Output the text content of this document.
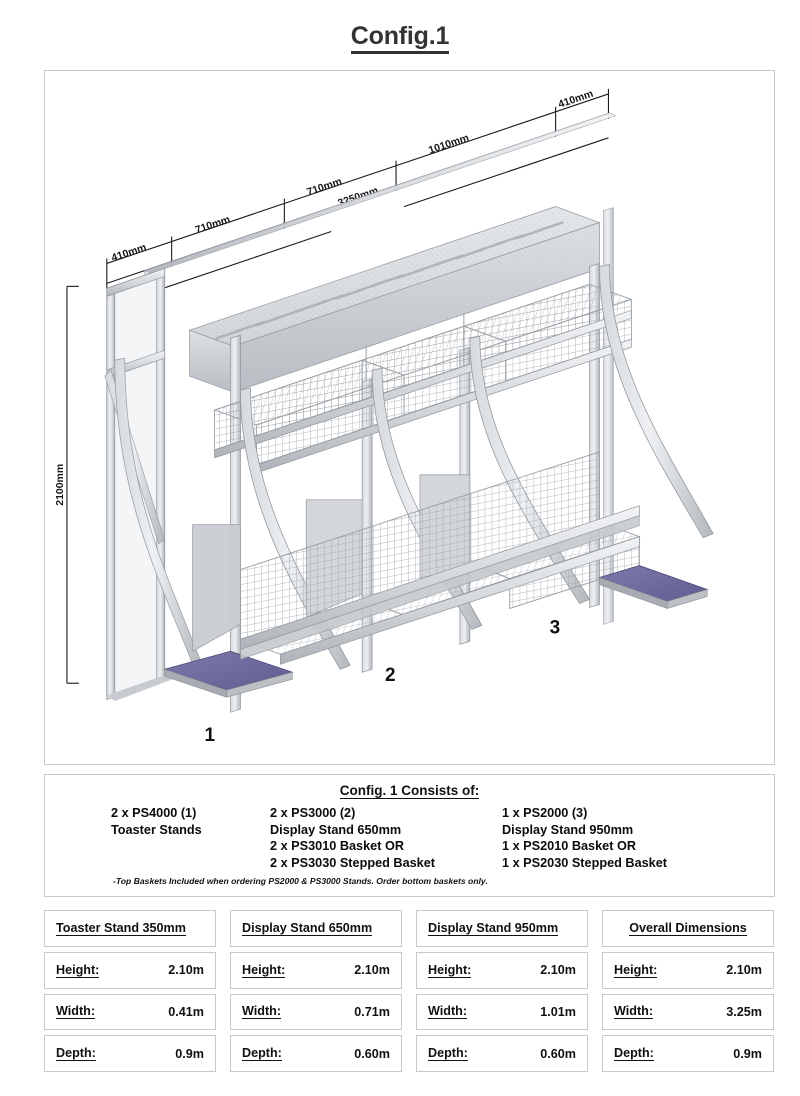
Config.1
410mm
710mm
710mm
1010mm
410mm
3250mm
2100mm
1
2
3
Config. 1 Consists of:
2 x PS4000 (1)
Toaster Stands
2 x PS3000 (2)
Display Stand 650mm
2 x PS3010 Basket OR
2 x PS3030 Stepped Basket
1 x PS2000 (3)
Display Stand 950mm
1 x PS2010 Basket OR
1 x PS2030 Stepped Basket
-Top Baskets Included when ordering PS2000 & PS3000 Stands. Order bottom baskets only.
Toaster Stand 350mm
Height:	2.10m
Width:	0.41m
Depth:	0.9m
Display Stand 650mm
Height:	2.10m
Width:	0.71m
Depth:	0.60m
Display Stand 950mm
Height:	2.10m
Width:	1.01m
Depth:	0.60m
Overall Dimensions
Height:	2.10m
Width:	3.25m
Depth:	0.9m
